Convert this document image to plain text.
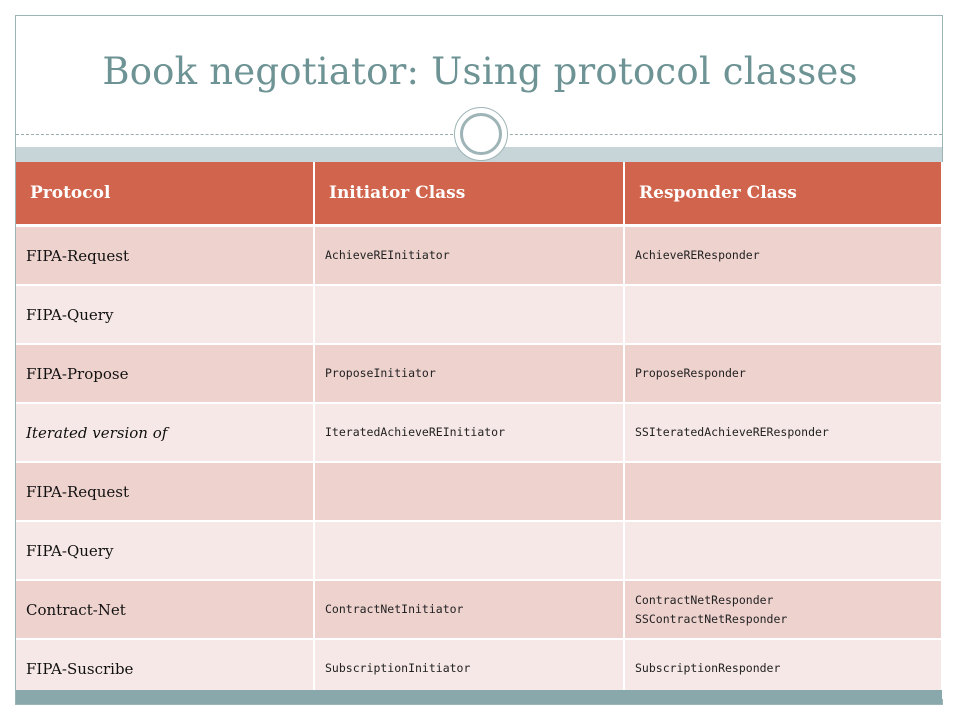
Book negotiator: Using protocol classes
Protocol	Initiator Class	Responder Class
FIPA-Request	AchieveREInitiator	AchieveREResponder

FIPA-Query		
FIPA-Propose	ProposeInitiator	ProposeResponder
Iterated version of	IteratedAchieveREInitiator	SSIteratedAchieveREResponder
FIPA-Request		
FIPA-Query		
Contract-Net	ContractNetInitiator	ContractNetResponder
SSContractNetResponder

FIPA-Suscribe	SubscriptionInitiator	SubscriptionResponder
